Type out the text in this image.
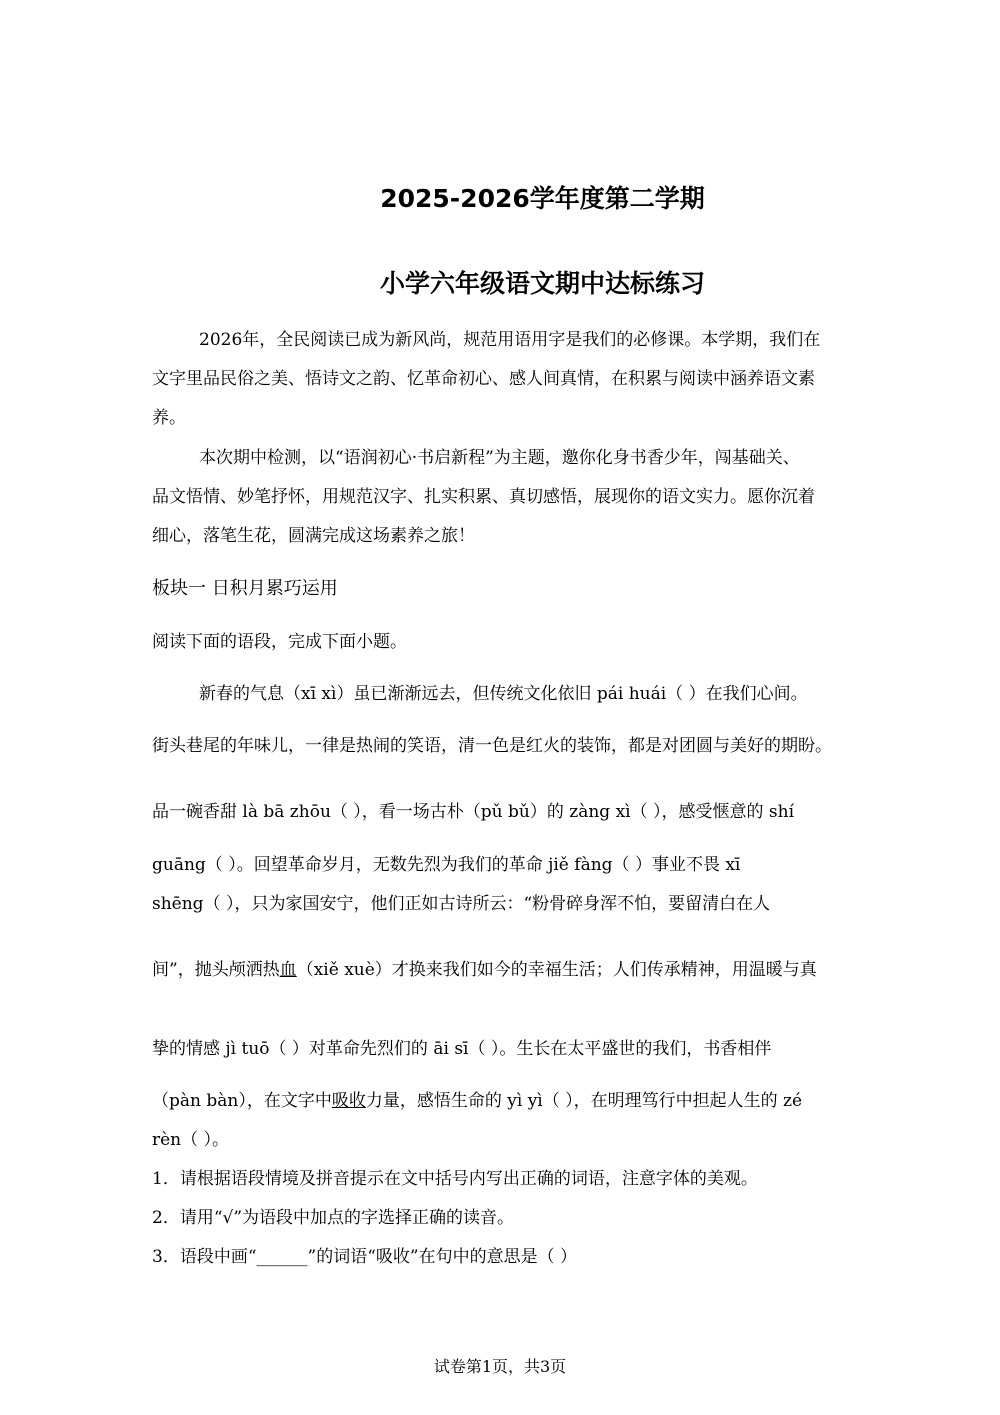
2025-2026学年度第二学期
小学六年级语文期中达标练习
2026年，全民阅读已成为新风尚，规范用语用字是我们的必修课。本学期，我们在
文字里品民俗之美、悟诗文之韵、忆革命初心、感人间真情，在积累与阅读中涵养语文素
养。
本次期中检测，以“语润初心·书启新程”为主题，邀你化身书香少年，闯基础关、
品文悟情、妙笔抒怀，用规范汉字、扎实积累、真切感悟，展现你的语文实力。愿你沉着
细心，落笔生花，圆满完成这场素养之旅！
板块一 日积月累巧运用
阅读下面的语段，完成下面小题。
新春的气息（xī xì）虽已渐渐远去，但传统文化依旧 pái huái（ ）在我们心间。
街头巷尾的年味儿，一律是热闹的笑语，清一色是红火的装饰，都是对团圆与美好的期盼。
品一碗香甜 là bā zhōu（ ），看一场古朴（pǔ bǔ）的 zàng xì（ ），感受惬意的 shí
guāng（ ）。回望革命岁月，无数先烈为我们的革命 jiě fàng（ ）事业不畏 xī
shēng（ ），只为家国安宁，他们正如古诗所云：“粉骨碎身浑不怕，要留清白在人
间”，抛头颅洒热血（xiě xuè）才换来我们如今的幸福生活；人们传承精神，用温暖与真
挚的情感 jì tuō（ ）对革命先烈们的 āi sī（ ）。生长在太平盛世的我们，书香相伴
（pàn bàn），在文字中吸收力量，感悟生命的 yì yì（ ），在明理笃行中担起人生的 zé
rèn（ ）。
1．请根据语段情境及拼音提示在文中括号内写出正确的词语，注意字体的美观。
2．请用“√”为语段中加点的字选择正确的读音。
3．语段中画“______”的词语“吸收”在句中的意思是（ ）
试卷第1页，共3页
